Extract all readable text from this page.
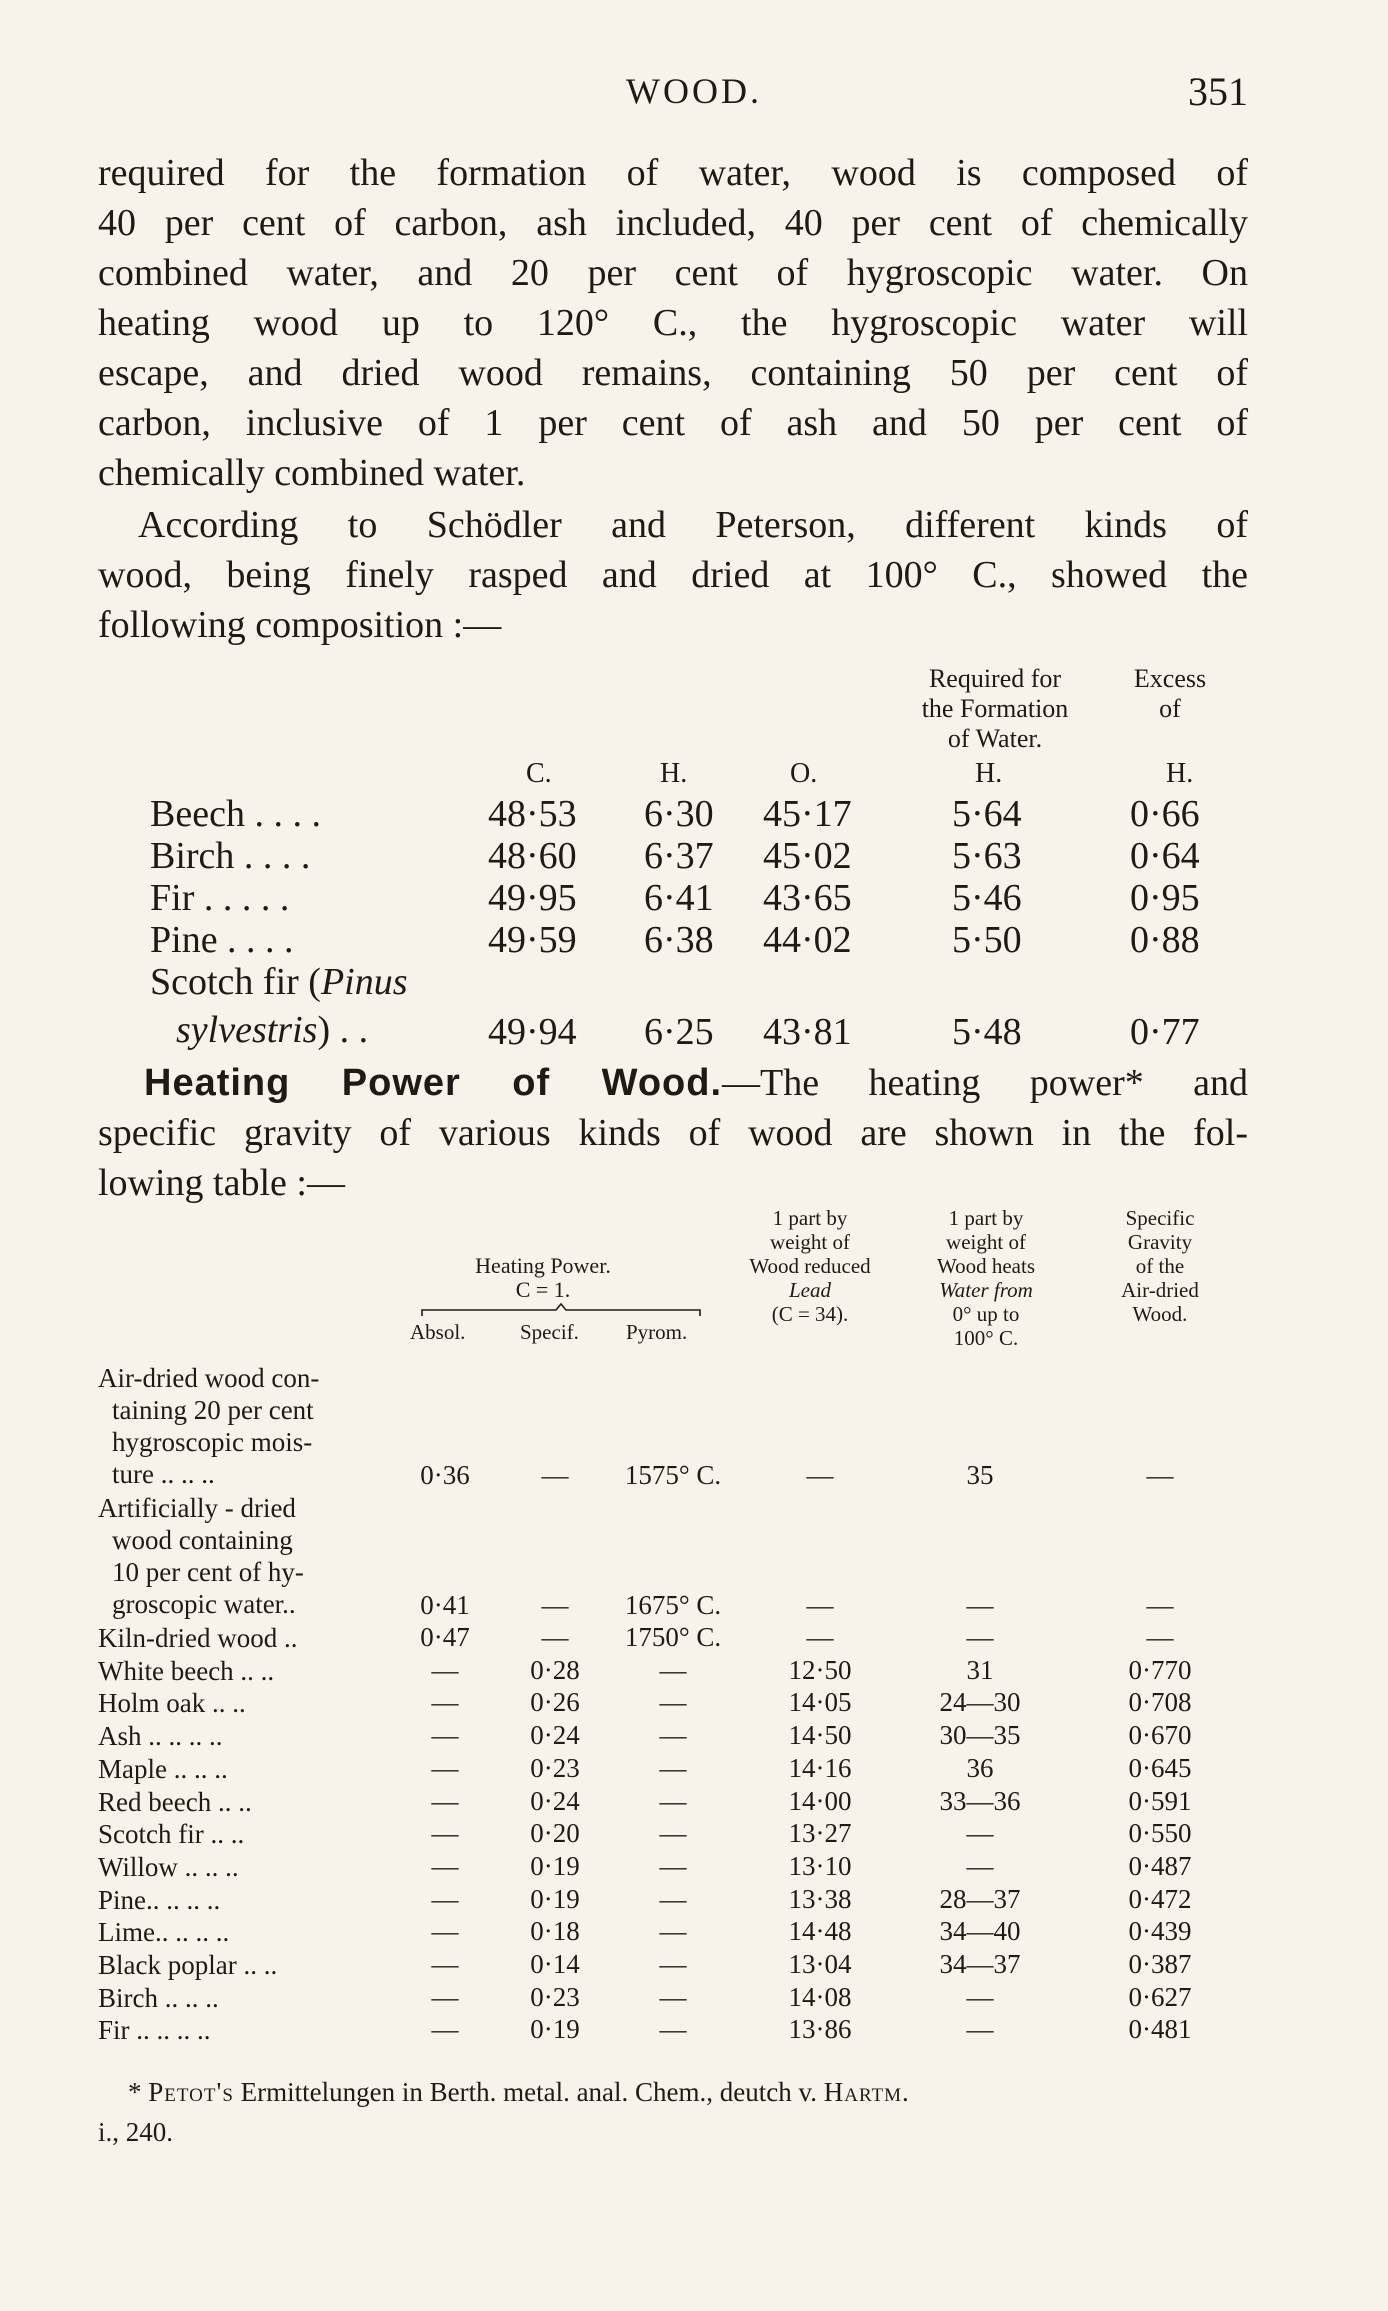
WOOD.	351
required for the formation of water, wood is composed of
40 per cent of carbon, ash included, 40 per cent of chemically
combined water, and 20 per cent of hygroscopic water. On
heating wood up to 120° C., the hygroscopic water will
escape, and dried wood remains, containing 50 per cent of
carbon, inclusive of 1 per cent of ash and 50 per cent of
chemically combined water.
According to Schödler and Peterson, different kinds of
wood, being finely rasped and dried at 100° C., showed the
following composition :—
Required for
the Formation
of Water.
Excess
of
C.	H.	O.	H.	H.
Beech . . . .	48·53 6·30 45·17	5·64	0·66
Birch . . . .	48·60 6·37 45·02	5·63	0·64
Fir . . . . .	49·95 6·41 43·65	5·46	0·95
Pine . . . .	49·59 6·38 44·02	5·50	0·88
Scotch fir (Pinus
sylvestris) . .	49·94 6·25 43·81	5·48	0·77
Heating Power of Wood.—The heating power* and
specific gravity of various kinds of wood are shown in the fol-
lowing table :—
Heating Power.
C = 1.
Absol.	Specif. Pyrom.
1 part by
weight of
Wood reduced
Lead
(C = 34).
1 part by
weight of
Wood heats
Water from
0° up to
100° C.
Specific
Gravity
of the
Air-dried
Wood.
Air-dried wood con-
taining 20 per cent
hygroscopic mois-
ture .. .. ..	0·36	—	1575° C.	—	35	—
Artificially - dried
wood containing
10 per cent of hy-
groscopic water..	0·41	—	1675° C.	—	—	—
Kiln-dried wood ..	0·47	—	1750° C.	—	—	—
White beech .. ..	—	0·28	—	12·50	31	0·770
Holm oak .. ..	—	0·26	—	14·05	24—30	0·708
Ash .. .. .. ..	—	0·24	—	14·50	30—35	0·670
Maple .. .. ..	—	0·23	—	14·16	36	0·645
Red beech .. ..	—	0·24	—	14·00	33—36	0·591
Scotch fir .. ..	—	0·20	—	13·27	—	0·550
Willow .. .. ..	—	0·19	—	13·10	—	0·487
Pine.. .. .. ..	—	0·19	—	13·38	28—37	0·472
Lime.. .. .. ..	—	0·18	—	14·48	34—40	0·439
Black poplar .. ..	—	0·14	—	13·04	34—37	0·387
Birch .. .. ..	—	0·23	—	14·08	—	0·627
Fir .. .. .. ..	—	0·19	—	13·86	—	0·481
* Petot's Ermittelungen in Berth. metal. anal. Chem., deutch v. Hartm.
i., 240.
